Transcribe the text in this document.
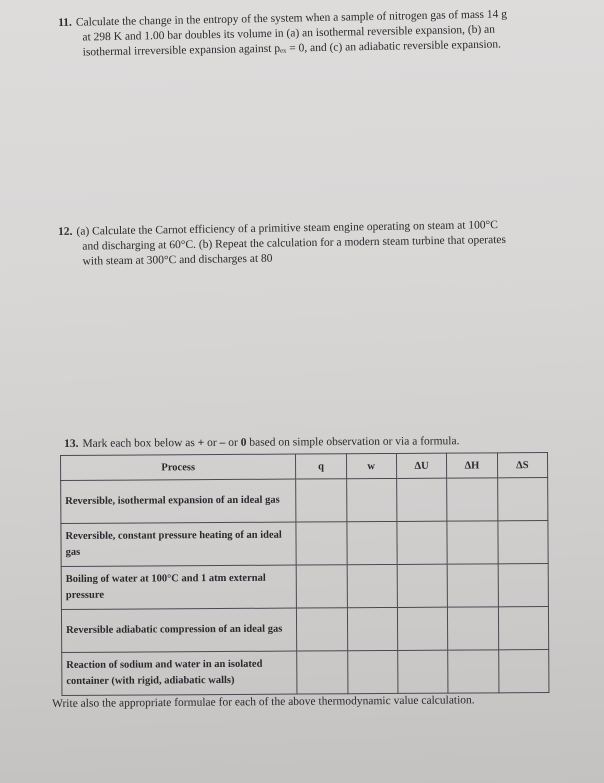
11. Calculate the change in the entropy of the system when a sample of nitrogen gas of mass 14 g
at 298 K and 1.00 bar doubles its volume in (a) an isothermal reversible expansion, (b) an
isothermal irreversible expansion against pₑₓ = 0, and (c) an adiabatic reversible expansion.
12. (a) Calculate the Carnot efficiency of a primitive steam engine operating on steam at 100°C
and discharging at 60°C. (b) Repeat the calculation for a modern steam turbine that operates
with steam at 300°C and discharges at 80
13. Mark each box below as + or – or 0 based on simple observation or via a formula.
Process	q	w	ΔU	ΔH	ΔS
Reversible, isothermal expansion of an ideal gas					
Reversible, constant pressure heating of an ideal gas					
Boiling of water at 100°C and 1 atm external pressure					
Reversible adiabatic compression of an ideal gas					
Reaction of sodium and water in an isolated container (with rigid, adiabatic walls)					
Write also the appropriate formulae for each of the above thermodynamic value calculation.
